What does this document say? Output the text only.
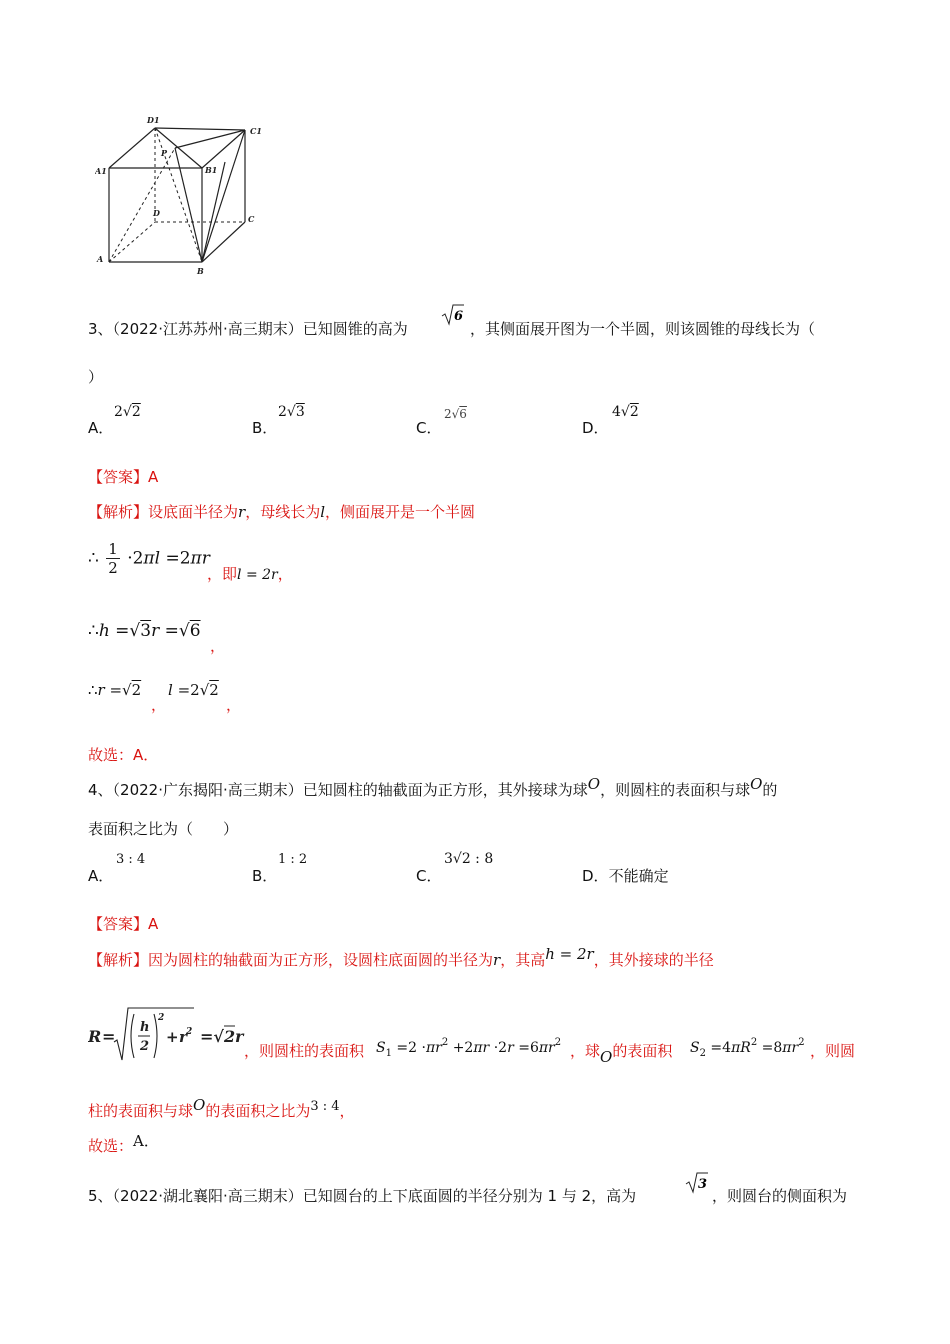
D1
C1
A1	B1
P
D
C
A
B
3、（2022·江苏苏州·高三期末）已知圆锥的高为
6
，其侧面展开图为一个半圆，则该圆锥的母线长为（
）
A．
2√2
B．
2√3
C．
2√6
D．
4√2
【答案】A
【解析】设底面半径为r，母线长为l，侧面展开是一个半圆
∴ $\frac{1}{2} \cdot 2\pi l =2\pi r$
，即l = 2r，
∴h =√3r =√6
，
∴r =√2
，
l =2√2
，
故选：A．
4、（2022·广东揭阳·高三期末）已知圆柱的轴截面为正方形，其外接球为球O，则圆柱的表面积与球O的
表面积之比为（　　）
A．
3 : 4
B．
1 : 2
C．
3√2 : 8
D．不能确定
【答案】A
【解析】因为圆柱的轴截面为正方形，设圆柱底面圆的半径为r，其高h = 2r，其外接球的半径
R = h
2
2
+ r 2 =√ 2 r
，则圆柱的表面积 $S_1 =2 \cdot\pi r^2 +2\pi r \cdot 2r =6\pi r^2$ ，球O的表面积 $S_2 =4\pi R^2 =8\pi r^2$ ，则圆
柱的表面积与球O的表面积之比为3 : 4，
故选：A．
5、（2022·湖北襄阳·高三期末）已知圆台的上下底面圆的半径分别为 1 与 2，高为
3
，则圆台的侧面积为
